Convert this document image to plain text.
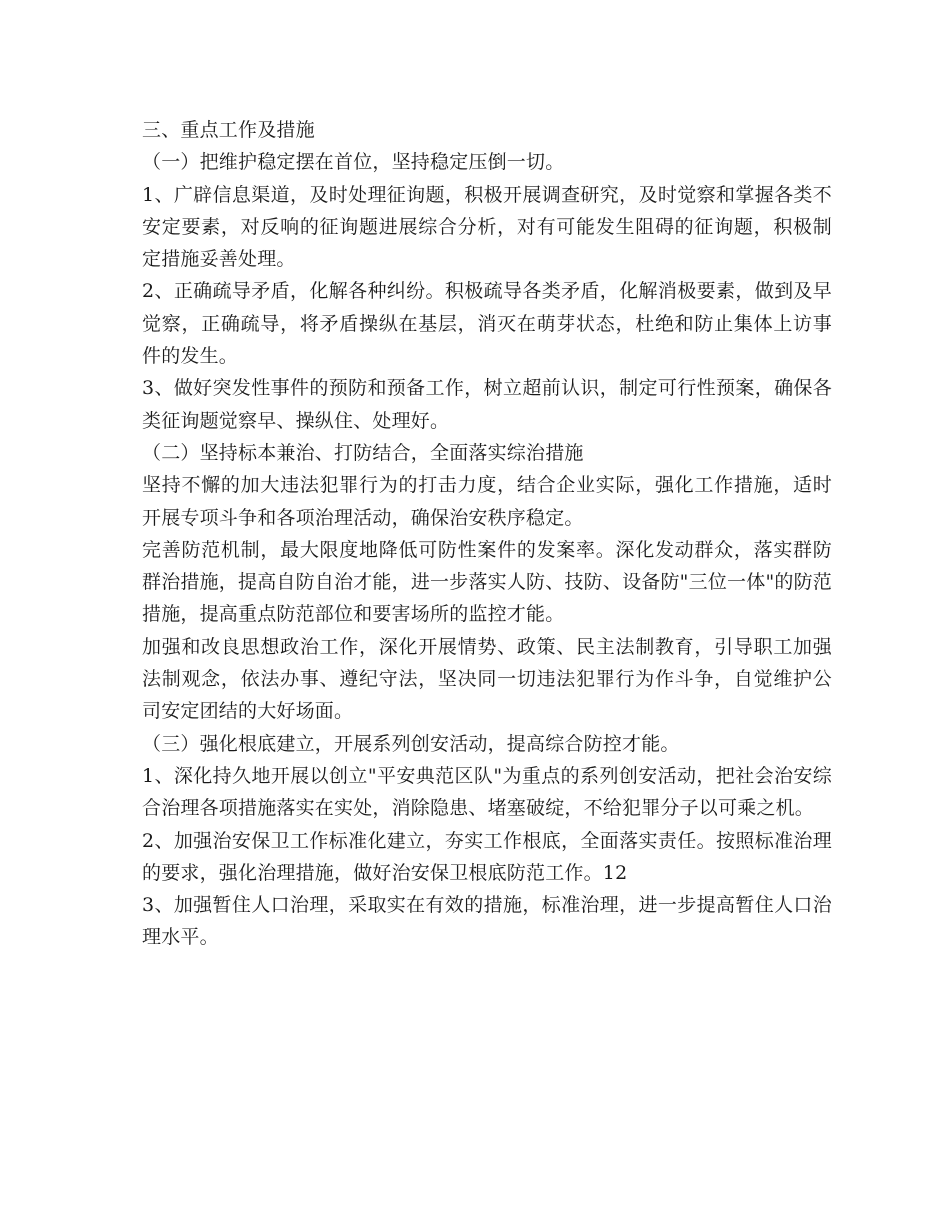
三、重点工作及措施

（一）把维护稳定摆在首位，坚持稳定压倒一切。

1、广辟信息渠道，及时处理征询题，积极开展调查研究，及时觉察和掌握各类不安定要素，对反响的征询题进展综合分析，对有可能发生阻碍的征询题，积极制定措施妥善处理。

2、正确疏导矛盾，化解各种纠纷。积极疏导各类矛盾，化解消极要素，做到及早觉察，正确疏导，将矛盾操纵在基层，消灭在萌芽状态，杜绝和防止集体上访事件的发生。

3、做好突发性事件的预防和预备工作，树立超前认识，制定可行性预案，确保各类征询题觉察早、操纵住、处理好。

（二）坚持标本兼治、打防结合，全面落实综治措施

坚持不懈的加大违法犯罪行为的打击力度，结合企业实际，强化工作措施，适时开展专项斗争和各项治理活动，确保治安秩序稳定。

完善防范机制，最大限度地降低可防性案件的发案率。深化发动群众，落实群防群治措施，提高自防自治才能，进一步落实人防、技防、设备防"三位一体"的防范措施，提高重点防范部位和要害场所的监控才能。

加强和改良思想政治工作，深化开展情势、政策、民主法制教育，引导职工加强法制观念，依法办事、遵纪守法，坚决同一切违法犯罪行为作斗争，自觉维护公司安定团结的大好场面。

（三）强化根底建立，开展系列创安活动，提高综合防控才能。

1、深化持久地开展以创立"平安典范区队"为重点的系列创安活动，把社会治安综合治理各项措施落实在实处，消除隐患、堵塞破绽，不给犯罪分子以可乘之机。

2、加强治安保卫工作标准化建立，夯实工作根底，全面落实责任。按照标准治理的要求，强化治理措施，做好治安保卫根底防范工作。12

3、加强暂住人口治理，采取实在有效的措施，标准治理，进一步提高暂住人口治理水平。
